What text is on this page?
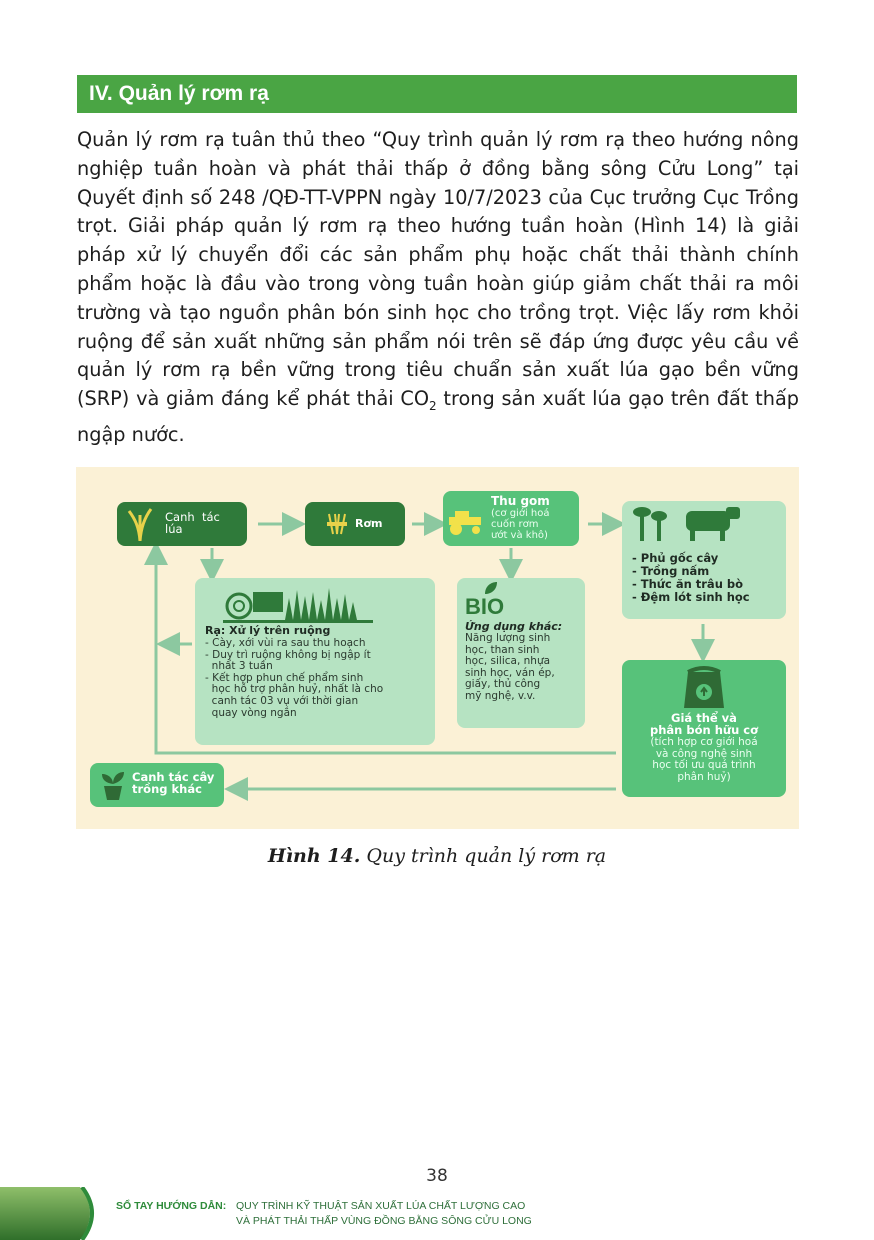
IV. Quản lý rơm rạ

Quản lý rơm rạ tuân thủ theo “Quy trình quản lý rơm rạ theo hướng nông nghiệp tuần hoàn và phát thải thấp ở đồng bằng sông Cửu Long” tại Quyết định số 248 /QĐ-TT-VPPN ngày 10/7/2023 của Cục trưởng Cục Trồng trọt. Giải pháp quản lý rơm rạ theo hướng tuần hoàn (Hình 14) là giải pháp xử lý chuyển đổi các sản phẩm phụ hoặc chất thải thành chính phẩm hoặc là đầu vào trong vòng tuần hoàn giúp giảm chất thải ra môi trường và tạo nguồn phân bón sinh học cho trồng trọt. Việc lấy rơm khỏi ruộng để sản xuất những sản phẩm nói trên sẽ đáp ứng được yêu cầu về quản lý rơm rạ bền vững trong tiêu chuẩn sản xuất lúa gạo bền vững (SRP) và giảm đáng kể phát thải $CO_2$ trong sản xuất lúa gạo trên đất thấp ngập nước.

Canh  tác
lúa	Rơm
Thu gom
(cơ giới hoá
cuốn rơm
ướt và khô)
- Phủ gốc cây
- Trồng nấm
- Thức ăn trâu bò
- Đệm lót sinh học
Rạ: Xử lý trên ruộng
- Cày, xới vùi ra sau thu hoạch
- Duy trì ruộng không bị ngập ít
nhất 3 tuần
- Kết hợp phun chế phẩm sinh
học hỗ trợ phân huỷ, nhất là cho
canh tác 03 vụ với thời gian
quay vòng ngắn
BIO
Ứng dụng khác:
Năng lượng sinh
học, than sinh
học, silica, nhựa
sinh học, ván ép,
giấy, thủ công
mỹ nghệ, v.v.
Giá thể và
phân bón hữu cơ
(tích hợp cơ giới hoá
và công nghệ sinh
học tối ưu quá trình
phân huỷ)
Canh tác cây
trồng khác
Hình 14. Quy trình quản lý rơm rạ
38
SỔ TAY HƯỚNG DẪN: QUY TRÌNH KỸ THUẬT SẢN XUẤT LÚA CHẤT LƯỢNG CAO
VÀ PHÁT THẢI THẤP VÙNG ĐỒNG BẰNG SÔNG CỬU LONG
